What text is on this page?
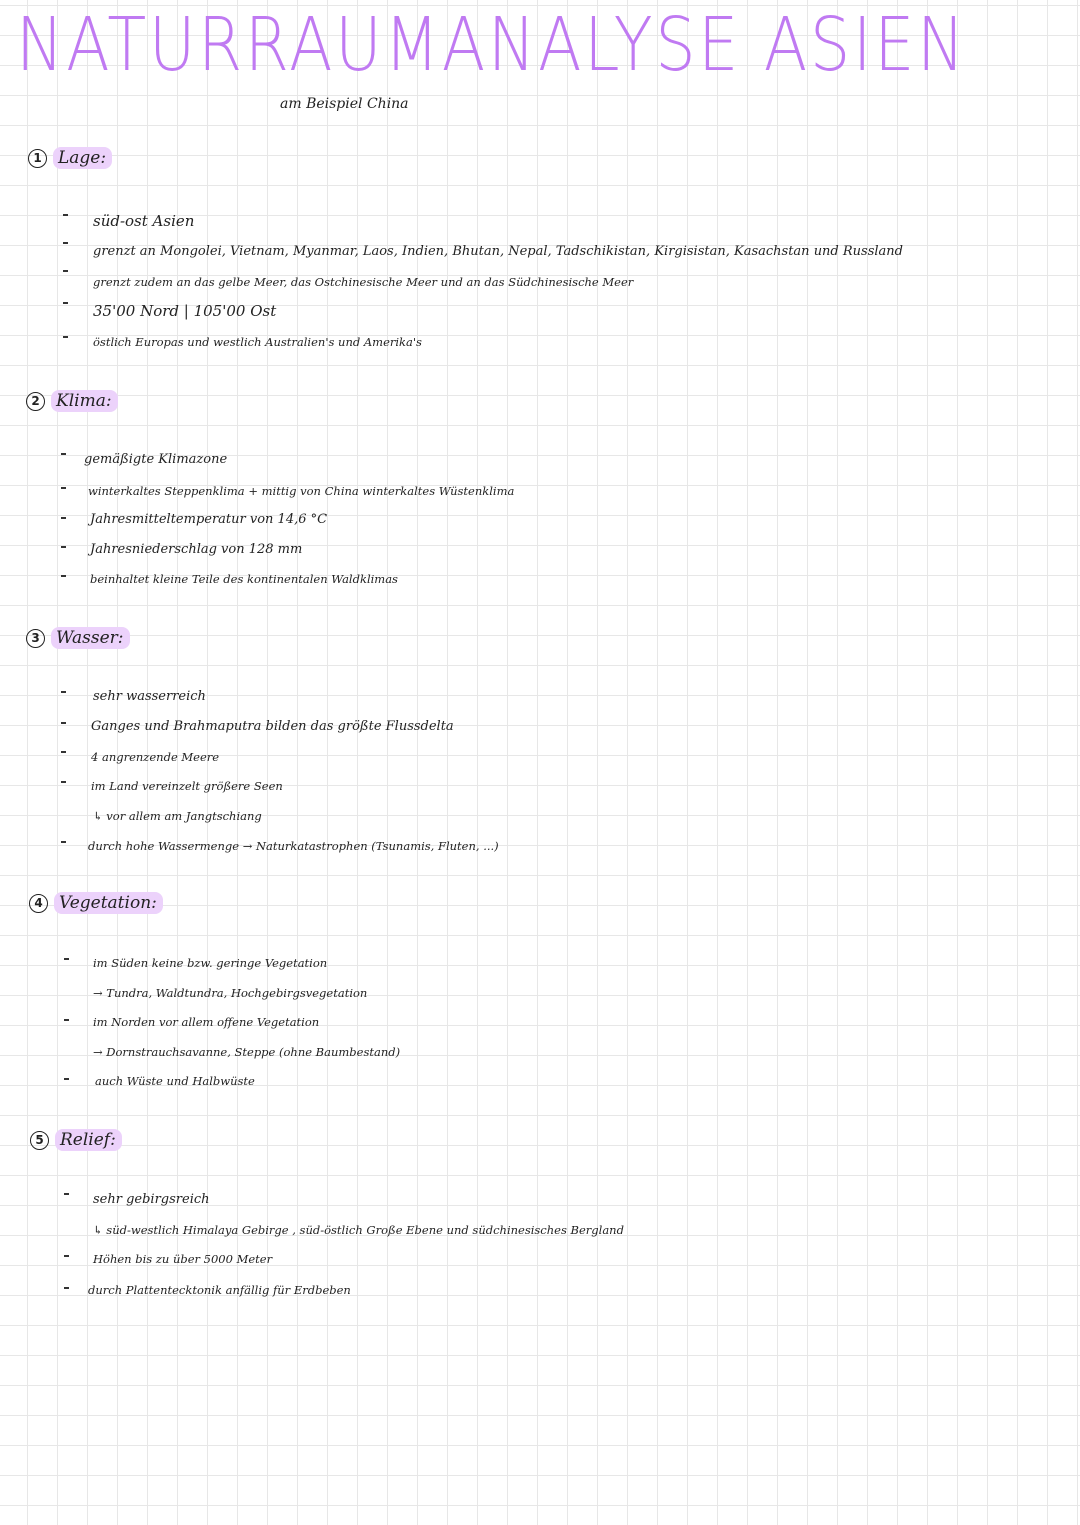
NATURRAUMANALYSE ASIEN
am Beispiel China
1 Lage:
süd-ost Asien
grenzt an Mongolei, Vietnam, Myanmar, Laos, Indien, Bhutan, Nepal, Tadschikistan, Kirgisistan, Kasachstan und Russland
grenzt zudem an das gelbe Meer, das Ostchinesische Meer und an das Südchinesische Meer
35'00 Nord | 105'00 Ost
östlich Europas und westlich Australien's und Amerika's
2 Klima:
gemäßigte Klimazone
winterkaltes Steppenklima + mittig von China winterkaltes Wüstenklima
Jahresmitteltemperatur von 14,6 °C
Jahresniederschlag von 128 mm
beinhaltet kleine Teile des kontinentalen Waldklimas
3 Wasser:
sehr wasserreich
Ganges und Brahmaputra bilden das größte Flussdelta
4 angrenzende Meere
im Land vereinzelt größere Seen
↳ vor allem am Jangtschiang
durch hohe Wassermenge → Naturkatastrophen (Tsunamis, Fluten, ...)
4 Vegetation:
im Süden keine bzw. geringe Vegetation
→ Tundra, Waldtundra, Hochgebirgsvegetation
im Norden vor allem offene Vegetation
→ Dornstrauchsavanne, Steppe (ohne Baumbestand)
auch Wüste und Halbwüste
5 Relief:
sehr gebirgsreich
↳ süd-westlich Himalaya Gebirge , süd-östlich Große Ebene und südchinesisches Bergland
Höhen bis zu über 5000 Meter
durch Plattentecktonik anfällig für Erdbeben
